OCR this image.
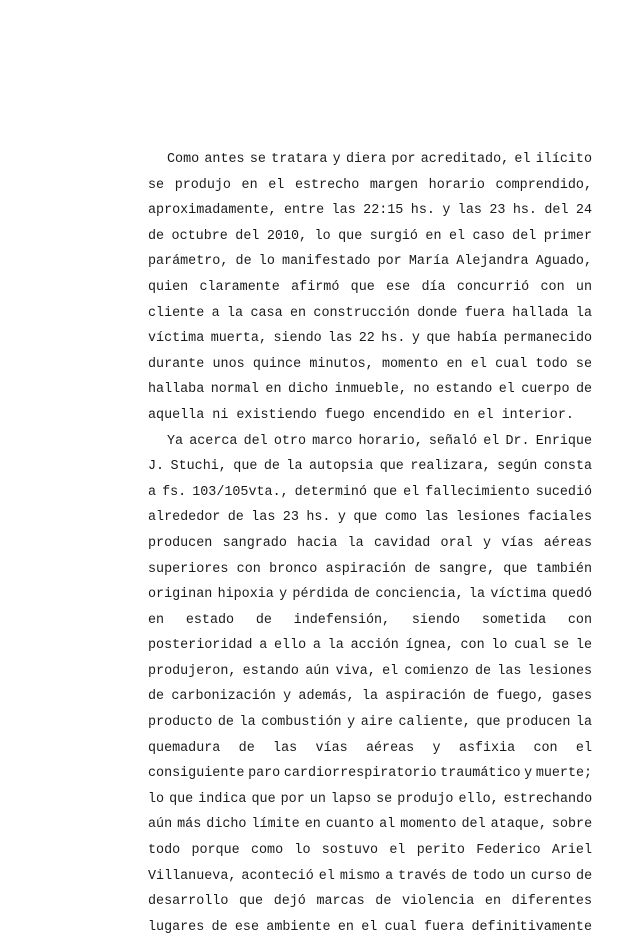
Como antes se tratara y diera por acreditado, el ilícito
se produjo en el estrecho margen horario comprendido,
aproximadamente, entre las 22:15 hs. y las 23 hs. del 24
de octubre del 2010, lo que surgió en el caso del primer
parámetro, de lo manifestado por María Alejandra Aguado,
quien claramente afirmó que ese día concurrió con un
cliente a la casa en construcción donde fuera hallada la
víctima muerta, siendo las 22 hs. y que había permanecido
durante unos quince minutos, momento en el cual todo se
hallaba normal en dicho inmueble, no estando el cuerpo de
aquella ni existiendo fuego encendido en el interior.
Ya acerca del otro marco horario, señaló el Dr. Enrique
J. Stuchi, que de la autopsia que realizara, según consta
a fs. 103/105vta., determinó que el fallecimiento sucedió
alrededor de las 23 hs. y que como las lesiones faciales
producen sangrado hacia la cavidad oral y vías aéreas
superiores con bronco aspiración de sangre, que también
originan hipoxia y pérdida de conciencia, la víctima quedó
en estado de indefensión, siendo sometida con
posterioridad a ello a la acción ígnea, con lo cual se le
produjeron, estando aún viva, el comienzo de las lesiones
de carbonización y además, la aspiración de fuego, gases
producto de la combustión y aire caliente, que producen la
quemadura de las vías aéreas y asfixia con el
consiguiente paro cardiorrespiratorio traumático y muerte;
lo que indica que por un lapso se produjo ello, estrechando
aún más dicho límite en cuanto al momento del ataque, sobre
todo porque como lo sostuvo el perito Federico Ariel
Villanueva, aconteció el mismo a través de todo un curso de
desarrollo que dejó marcas de violencia en diferentes
lugares de ese ambiente en el cual fuera definitivamente
